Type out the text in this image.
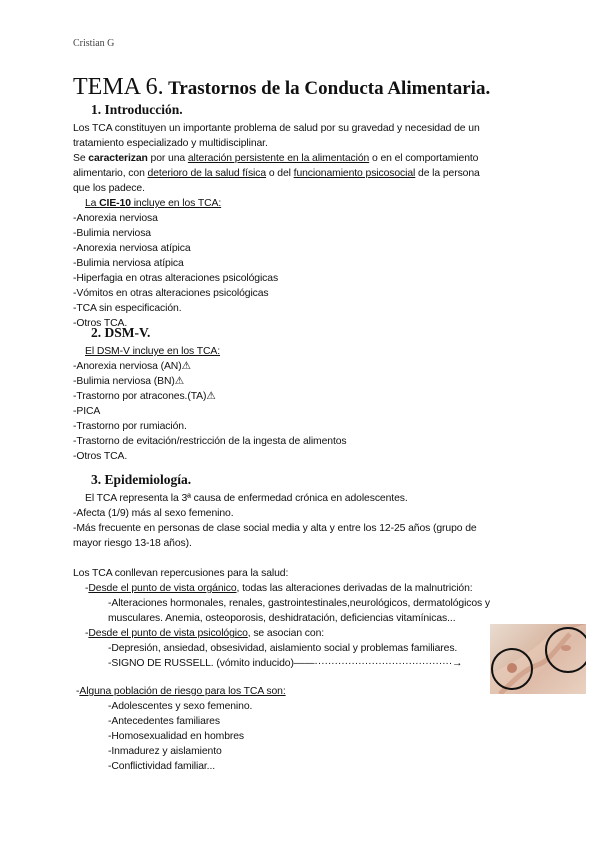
Cristian G
TEMA 6. Trastornos de la Conducta Alimentaria.
1. Introducción.
Los TCA constituyen un importante problema de salud por su gravedad y necesidad de un
tratamiento especializado y multidisciplinar.
Se caracterizan por una alteración persistente en la alimentación o en el comportamiento
alimentario, con deterioro de la salud física o del funcionamiento psicosocial de la persona
que los padece.
La CIE-10 incluye en los TCA:
-Anorexia nerviosa
-Bulimia nerviosa
-Anorexia nerviosa atípica
-Bulimia nerviosa atípica
-Hiperfagia en otras alteraciones psicológicas
-Vómitos en otras alteraciones psicológicas
-TCA sin especificación.
-Otros TCA.
2. DSM-V.
El DSM-V incluye en los TCA:
-Anorexia nerviosa (AN)⚠
-Bulimia nerviosa (BN)⚠
-Trastorno por atracones.(TA)⚠
-PICA
-Trastorno por rumiación.
-Trastorno de evitación/restricción de la ingesta de alimentos
-Otros TCA.
3. Epidemiología.
El TCA representa la 3ª causa de enfermedad crónica en adolescentes.
-Afecta (1/9) más al sexo femenino.
-Más frecuente en personas de clase social media y alta y entre los 12-25 años (grupo de
mayor riesgo 13-18 años).
Los TCA conllevan repercusiones para la salud:
-Desde el punto de vista orgánico, todas las alteraciones derivadas de la malnutrición:
-Alteraciones hormonales, renales, gastrointestinales,neurológicos, dermatológicos y
musculares. Anemia, osteoporosis, deshidratación, deficiencias vitamínicas...
-Desde el punto de vista psicológico, se asocian con:
-Depresión, ansiedad, obsesividad, aislamiento social y problemas familiares.
-SIGNO DE RUSSELL. (vómito inducido)——·········································→
-Alguna población de riesgo para los TCA son:
-Adolescentes y sexo femenino.
-Antecedentes familiares
-Homosexualidad en hombres
-Inmadurez y aislamiento
-Conflictividad familiar...
